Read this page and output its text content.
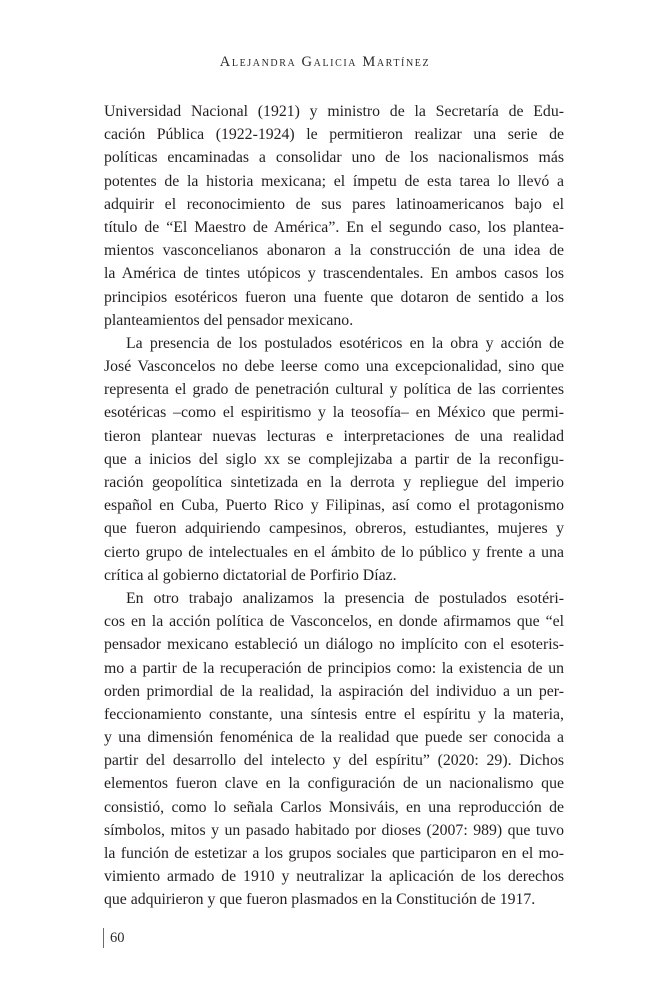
Alejandra Galicia Martínez
Universidad Nacional (1921) y ministro de la Secretaría de Edu-
cación Pública (1922-1924) le permitieron realizar una serie de
políticas encaminadas a consolidar uno de los nacionalismos más
potentes de la historia mexicana; el ímpetu de esta tarea lo llevó a
adquirir el reconocimiento de sus pares latinoamericanos bajo el
título de “El Maestro de América”. En el segundo caso, los plantea-
mientos vasconcelianos abonaron a la construcción de una idea de
la América de tintes utópicos y trascendentales. En ambos casos los
principios esotéricos fueron una fuente que dotaron de sentido a los
planteamientos del pensador mexicano.
La presencia de los postulados esotéricos en la obra y acción de
José Vasconcelos no debe leerse como una excepcionalidad, sino que
representa el grado de penetración cultural y política de las corrientes
esotéricas –como el espiritismo y la teosofía– en México que permi-
tieron plantear nuevas lecturas e interpretaciones de una realidad
que a inicios del siglo xx se complejizaba a partir de la reconfigu-
ración geopolítica sintetizada en la derrota y repliegue del imperio
español en Cuba, Puerto Rico y Filipinas, así como el protagonismo
que fueron adquiriendo campesinos, obreros, estudiantes, mujeres y
cierto grupo de intelectuales en el ámbito de lo público y frente a una
crítica al gobierno dictatorial de Porfirio Díaz.
En otro trabajo analizamos la presencia de postulados esotéri-
cos en la acción política de Vasconcelos, en donde afirmamos que “el
pensador mexicano estableció un diálogo no implícito con el esoteris-
mo a partir de la recuperación de principios como: la existencia de un
orden primordial de la realidad, la aspiración del individuo a un per-
feccionamiento constante, una síntesis entre el espíritu y la materia,
y una dimensión fenoménica de la realidad que puede ser conocida a
partir del desarrollo del intelecto y del espíritu” (2020: 29). Dichos
elementos fueron clave en la configuración de un nacionalismo que
consistió, como lo señala Carlos Monsiváis, en una reproducción de
símbolos, mitos y un pasado habitado por dioses (2007: 989) que tuvo
la función de estetizar a los grupos sociales que participaron en el mo-
vimiento armado de 1910 y neutralizar la aplicación de los derechos
que adquirieron y que fueron plasmados en la Constitución de 1917.
60
